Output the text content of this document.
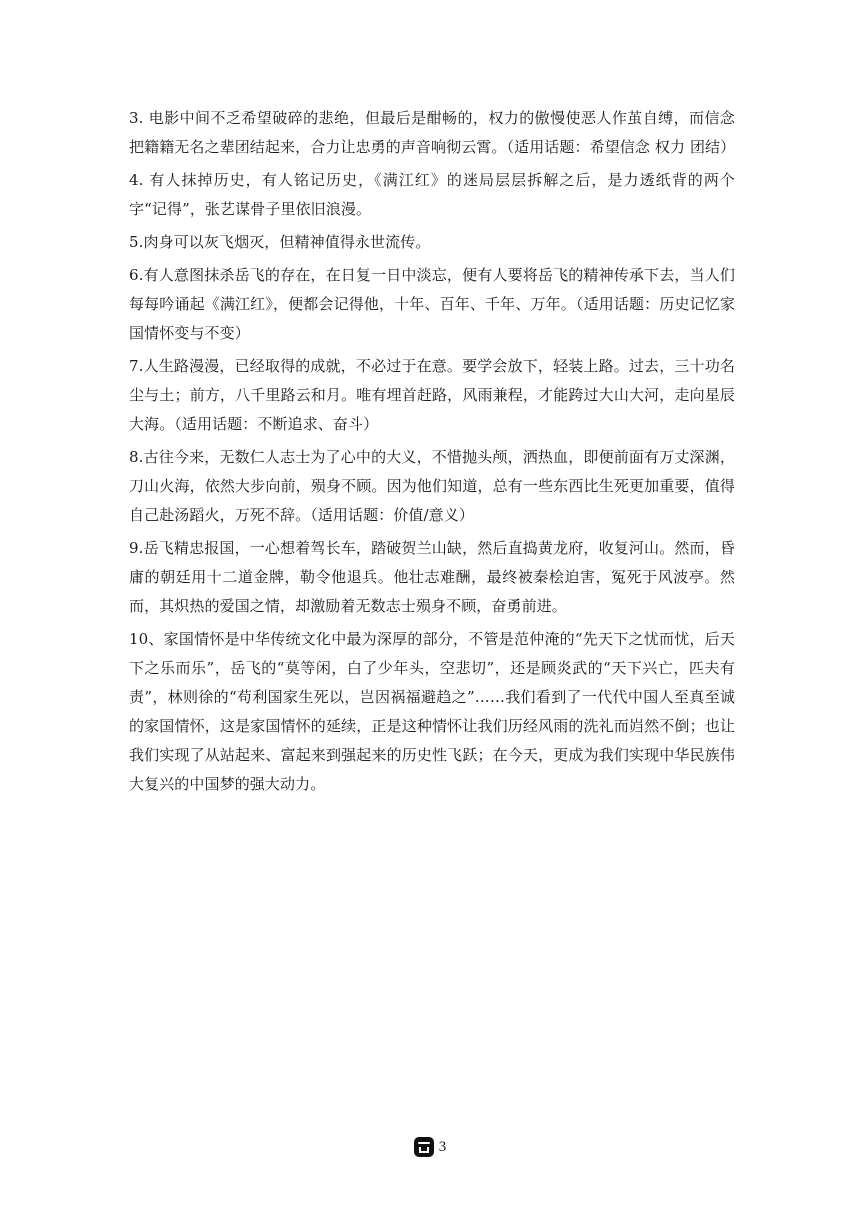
3. 电影中间不乏希望破碎的悲绝，但最后是酣畅的，权力的傲慢使恶人作茧自缚，而信念把籍籍无名之辈团结起来，合力让忠勇的声音响彻云霄。（适用话题：希望信念 权力 团结）

4. 有人抹掉历史，有人铭记历史，《满江红》的迷局层层拆解之后，是力透纸背的两个字“记得”，张艺谋骨子里依旧浪漫。

5.肉身可以灰飞烟灭，但精神值得永世流传。

6.有人意图抹杀岳飞的存在，在日复一日中淡忘，便有人要将岳飞的精神传承下去，当人们每每吟诵起《满江红》，便都会记得他，十年、百年、千年、万年。（适用话题：历史记忆家国情怀变与不变）

7.人生路漫漫，已经取得的成就，不必过于在意。要学会放下，轻装上路。过去，三十功名尘与土；前方，八千里路云和月。唯有埋首赶路，风雨兼程，才能跨过大山大河，走向星辰大海。（适用话题：不断追求、奋斗）

8.古往今来，无数仁人志士为了心中的大义，不惜抛头颅，洒热血，即便前面有万丈深渊，刀山火海，依然大步向前，殒身不顾。因为他们知道，总有一些东西比生死更加重要，值得自己赴汤蹈火，万死不辞。（适用话题：价值/意义）

9.岳飞精忠报国，一心想着驾长车，踏破贺兰山缺，然后直捣黄龙府，收复河山。然而，昏庸的朝廷用十二道金牌，勒令他退兵。他壮志难酬，最终被秦桧迫害，冤死于风波亭。然而，其炽热的爱国之情，却激励着无数志士殒身不顾，奋勇前进。

10、家国情怀是中华传统文化中最为深厚的部分，不管是范仲淹的“先天下之忧而忧，后天下之乐而乐”，岳飞的“莫等闲，白了少年头，空悲切”，还是顾炎武的“天下兴亡，匹夫有责”，林则徐的“苟利国家生死以，岂因祸福避趋之”……我们看到了一代代中国人至真至诚的家国情怀，这是家国情怀的延续，正是这种情怀让我们历经风雨的洗礼而岿然不倒；也让我们实现了从站起来、富起来到强起来的历史性飞跃；在今天，更成为我们实现中华民族伟大复兴的中国梦的强大动力。

3
